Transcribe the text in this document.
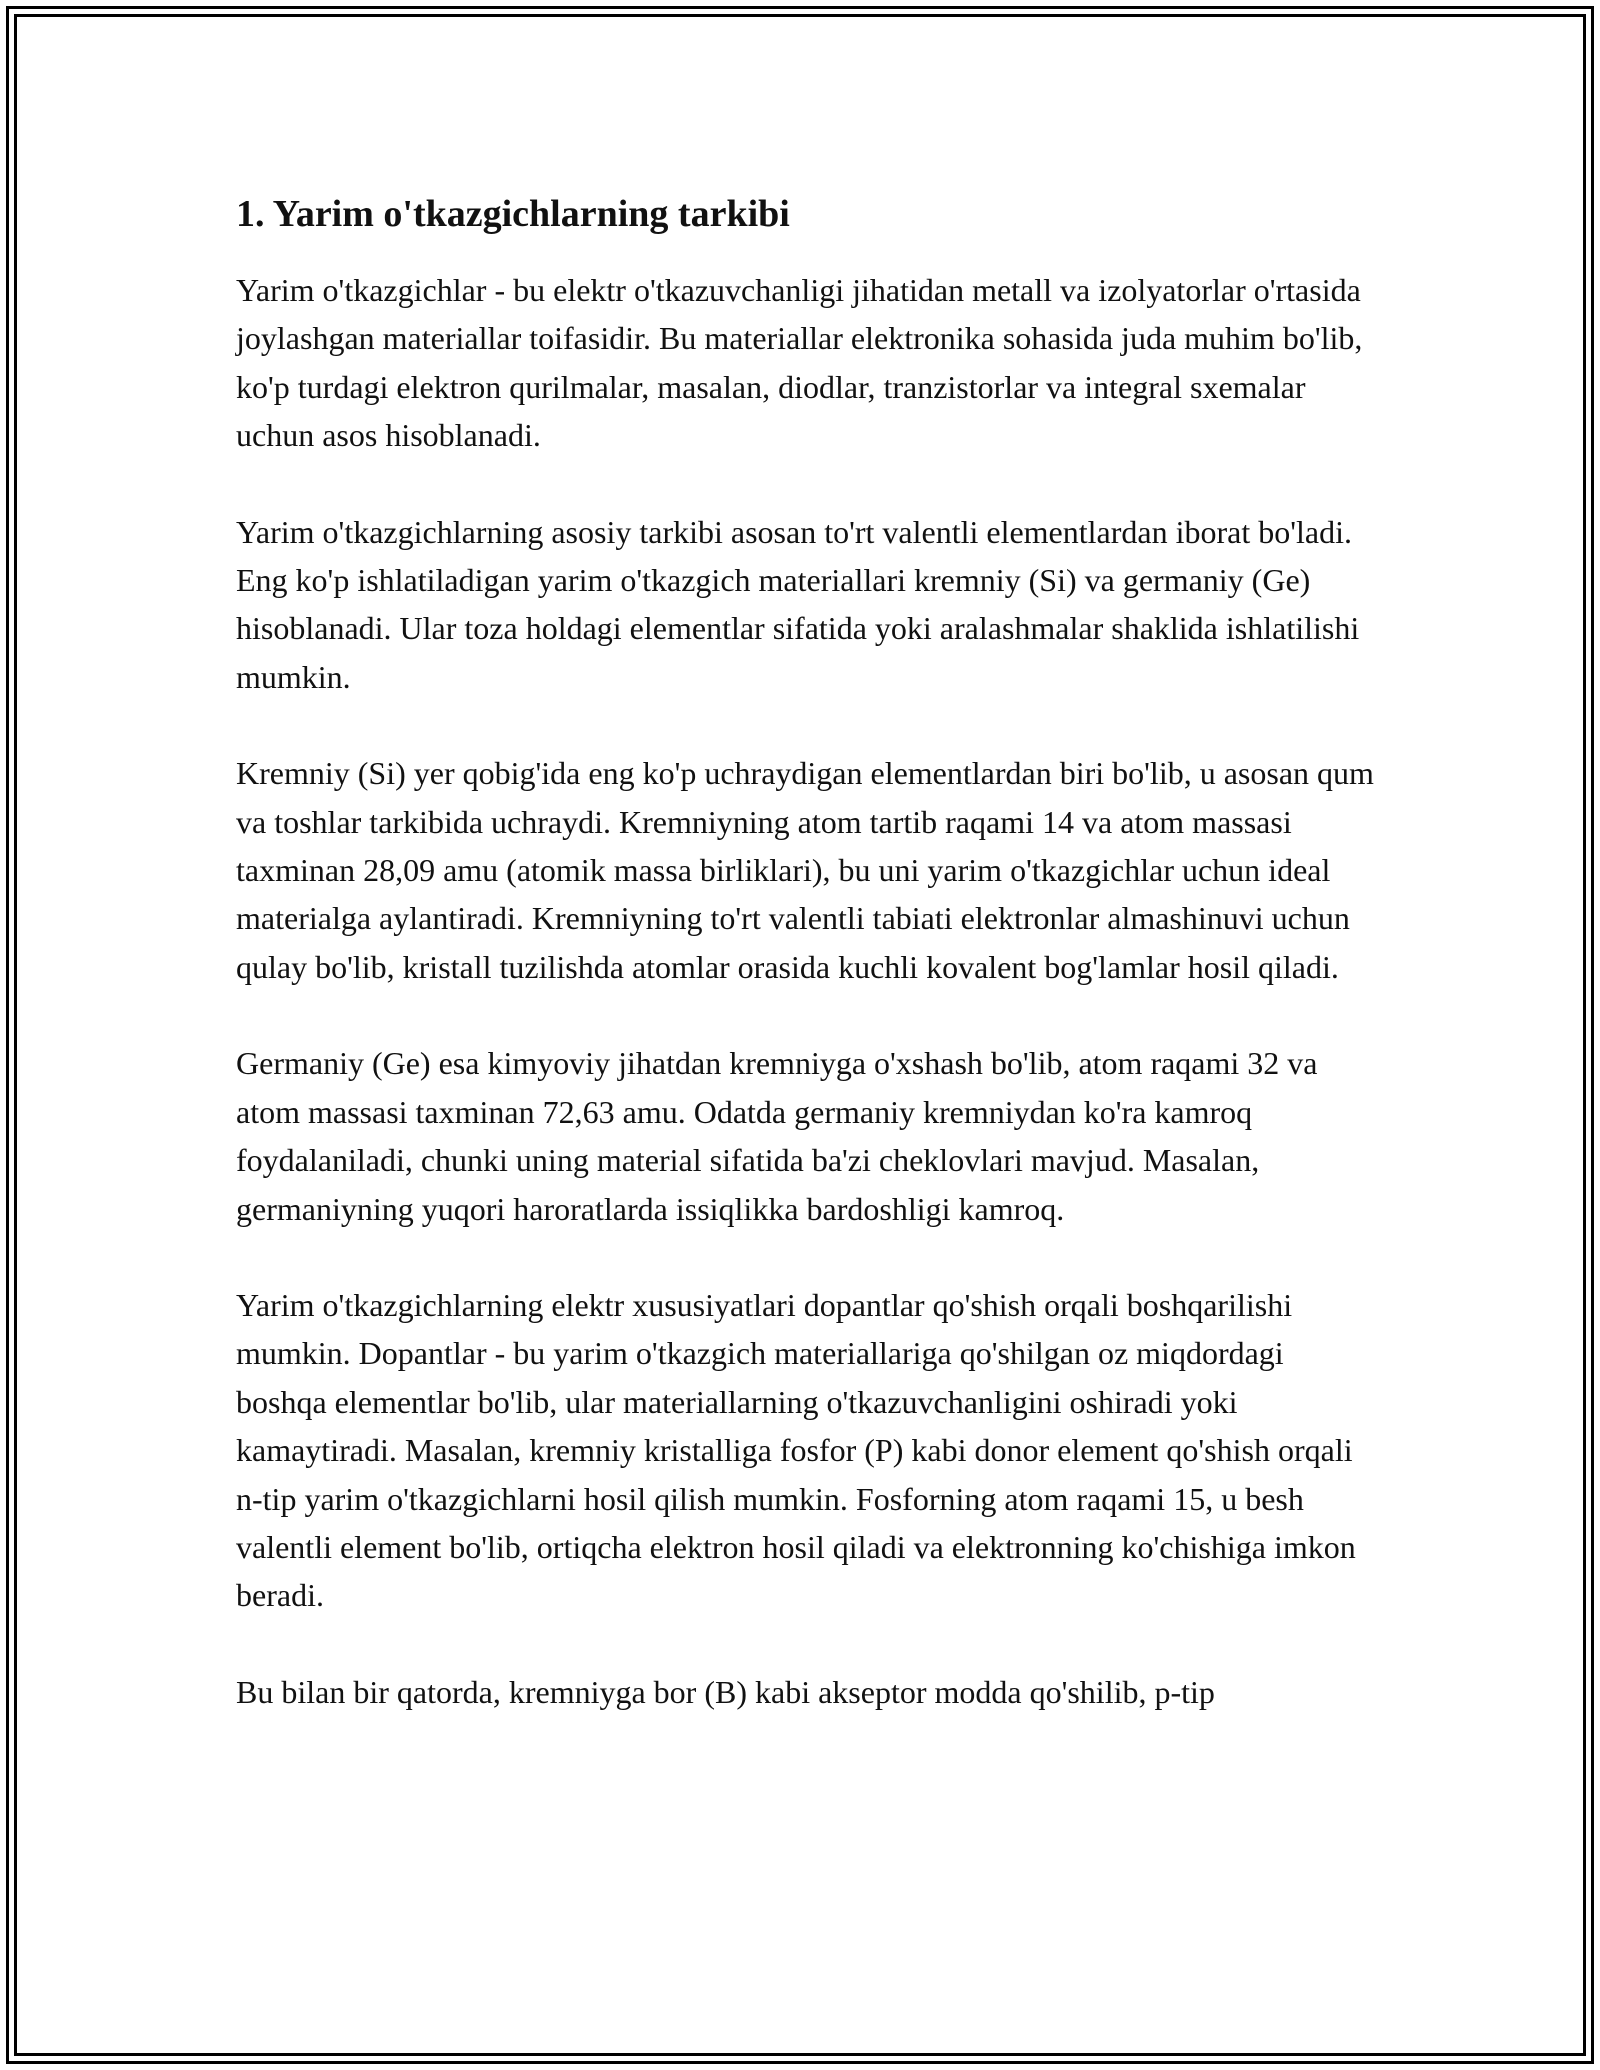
1. Yarim o'tkazgichlarning tarkibi

Yarim o'tkazgichlar - bu elektr o'tkazuvchanligi jihatidan metall va izolyatorlar o'rtasida joylashgan materiallar toifasidir. Bu materiallar elektronika sohasida juda muhim bo'lib, ko'p turdagi elektron qurilmalar, masalan, diodlar, tranzistorlar va integral sxemalar uchun asos hisoblanadi.

Yarim o'tkazgichlarning asosiy tarkibi asosan to'rt valentli elementlardan iborat bo'ladi. Eng ko'p ishlatiladigan yarim o'tkazgich materiallari kremniy (Si) va germaniy (Ge) hisoblanadi. Ular toza holdagi elementlar sifatida yoki aralashmalar shaklida ishlatilishi mumkin.

Kremniy (Si) yer qobig'ida eng ko'p uchraydigan elementlardan biri bo'lib, u asosan qum va toshlar tarkibida uchraydi. Kremniyning atom tartib raqami 14 va atom massasi taxminan 28,09 amu (atomik massa birliklari), bu uni yarim o'tkazgichlar uchun ideal materialga aylantiradi. Kremniyning to'rt valentli tabiati elektronlar almashinuvi uchun qulay bo'lib, kristall tuzilishda atomlar orasida kuchli kovalent bog'lamlar hosil qiladi.

Germaniy (Ge) esa kimyoviy jihatdan kremniyga o'xshash bo'lib, atom raqami 32 va atom massasi taxminan 72,63 amu. Odatda germaniy kremniydan ko'ra kamroq foydalaniladi, chunki uning material sifatida ba'zi cheklovlari mavjud. Masalan, germaniyning yuqori haroratlarda issiqlikka bardoshligi kamroq.

Yarim o'tkazgichlarning elektr xususiyatlari dopantlar qo'shish orqali boshqarilishi mumkin. Dopantlar - bu yarim o'tkazgich materiallariga qo'shilgan oz miqdordagi boshqa elementlar bo'lib, ular materiallarning o'tkazuvchanligini oshiradi yoki kamaytiradi. Masalan, kremniy kristalliga fosfor (P) kabi donor element qo'shish orqali n-tip yarim o'tkazgichlarni hosil qilish mumkin. Fosforning atom raqami 15, u besh valentli element bo'lib, ortiqcha elektron hosil qiladi va elektronning ko'chishiga imkon beradi.

Bu bilan bir qatorda, kremniyga bor (B) kabi akseptor modda qo'shilib, p-tip
